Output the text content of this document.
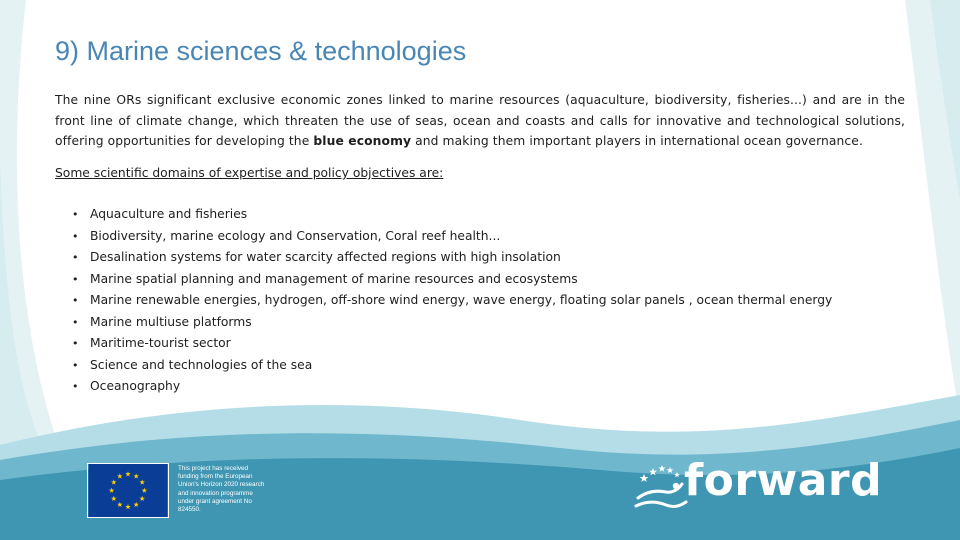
9) Marine sciences & technologies

The nine ORs significant exclusive economic zones linked to marine resources (aquaculture, biodiversity, fisheries...) and are in the front line of climate change, which threaten the use of seas, ocean and coasts and calls for innovative and technological solutions, offering opportunities for developing the blue economy and making them important players in international ocean governance.

Some scientific domains of expertise and policy objectives are:

• Aquaculture and fisheries
• Biodiversity, marine ecology and Conservation, Coral reef health...
• Desalination systems for water scarcity affected regions with high insolation
• Marine spatial planning and management of marine resources and ecosystems
• Marine renewable energies, hydrogen, off-shore wind energy, wave energy, floating solar panels , ocean thermal energy
• Marine multiuse platforms
• Maritime-tourist sector
• Science and technologies of the sea
• Oceanography

This project has received funding from the European Union's Horizon 2020 research and innovation programme under grant agreement No 824550.

forward
